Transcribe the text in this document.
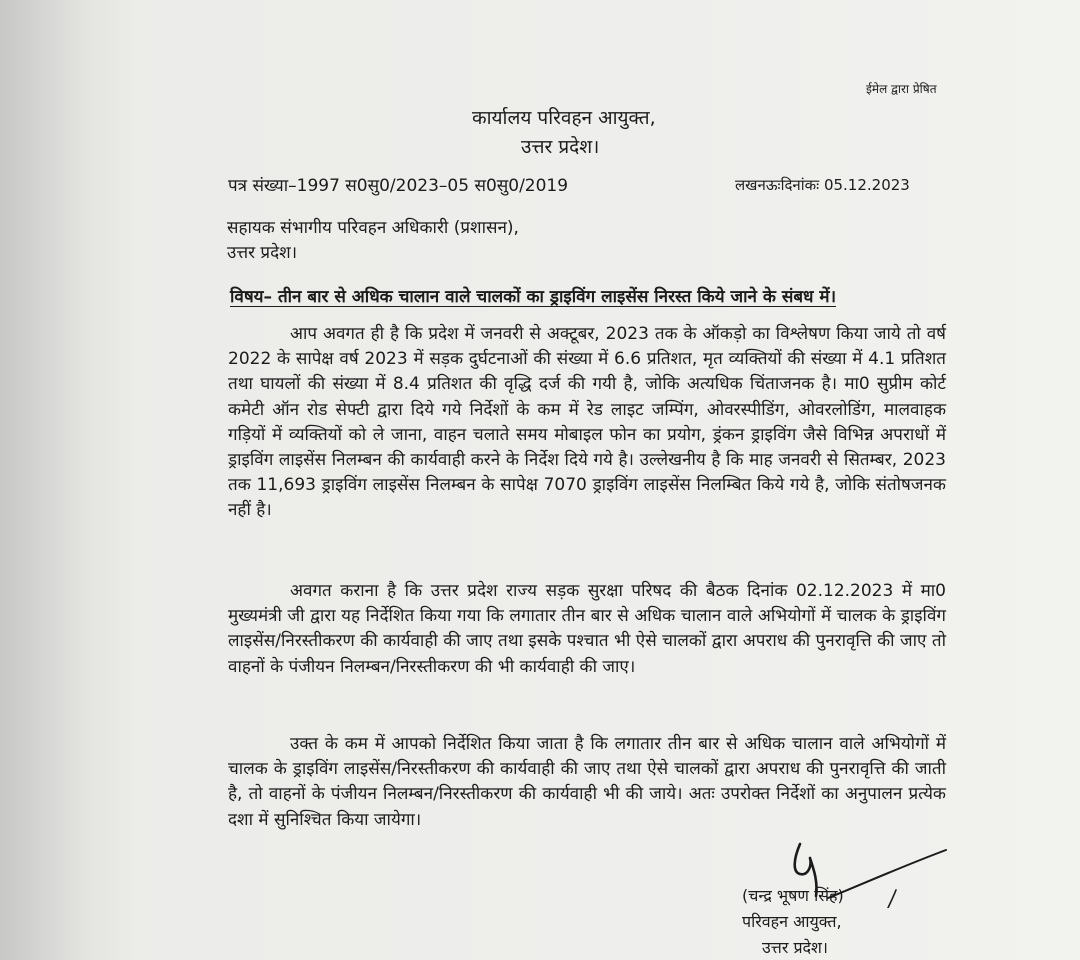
ईमेल द्वारा प्रेषित
कार्यालय परिवहन आयुक्त,
उत्तर प्रदेश।
पत्र संख्या–1997 स0सु0/2023–05 स0सु0/2019	लखनऊःदिनांकः 05.12.2023
सहायक संभागीय परिवहन अधिकारी (प्रशासन),
उत्तर प्रदेश।
विषय– तीन बार से अधिक चालान वाले चालकों का ड्राइविंग लाइसेंस निरस्त किये जाने के संबध में।

आप अवगत ही है कि प्रदेश में जनवरी से अक्टूबर, 2023 तक के ऑकड़ो का विश्लेषण किया जाये तो वर्ष 2022 के सापेक्ष वर्ष 2023 में सड़क दुर्घटनाओं की संख्या में 6.6 प्रतिशत, मृत व्यक्तियों की संख्या में 4.1 प्रतिशत तथा घायलों की संख्या में 8.4 प्रतिशत की वृद्धि दर्ज की गयी है, जोकि अत्यधिक चिंताजनक है। मा0 सुप्रीम कोर्ट कमेटी ऑन रोड सेफ्टी द्वारा दिये गये निर्देशों के कम में रेड लाइट जम्पिंग, ओवरस्पीडिंग, ओवरलोडिंग, मालवाहक गड़ियों में व्यक्तियों को ले जाना, वाहन चलाते समय मोबाइल फोन का प्रयोग, ड्रंकन ड्राइविंग जैसे विभिन्न अपराधों में ड्राइविंग लाइसेंस निलम्बन की कार्यवाही करने के निर्देश दिये गये है। उल्लेखनीय है कि माह जनवरी से सितम्बर, 2023 तक 11,693 ड्राइविंग लाइसेंस निलम्बन के सापेक्ष 7070 ड्राइविंग लाइसेंस निलम्बित किये गये है, जोकि संतोषजनक नहीं है।

अवगत कराना है कि उत्तर प्रदेश राज्य सड़क सुरक्षा परिषद की बैठक दिनांक 02.12.2023 में मा0 मुख्यमंत्री जी द्वारा यह निर्देशित किया गया कि लगातार तीन बार से अधिक चालान वाले अभियोगों में चालक के ड्राइविंग लाइसेंस/निरस्तीकरण की कार्यवाही की जाए तथा इसके पश्चात भी ऐसे चालकों द्वारा अपराध की पुनरावृत्ति की जाए तो वाहनों के पंजीयन निलम्बन/निरस्तीकरण की भी कार्यवाही की जाए।

उक्त के कम में आपको निर्देशित किया जाता है कि लगातार तीन बार से अधिक चालान वाले अभियोगों में चालक के ड्राइविंग लाइसेंस/निरस्तीकरण की कार्यवाही की जाए तथा ऐसे चालकों द्वारा अपराध की पुनरावृत्ति की जाती है, तो वाहनों के पंजीयन निलम्बन/निरस्तीकरण की कार्यवाही भी की जाये। अतः उपरोक्त निर्देशों का अनुपालन प्रत्येक दशा में सुनिश्चित किया जायेगा।

(चन्द्र भूषण सिंह)
परिवहन आयुक्त,
उत्तर प्रदेश।
